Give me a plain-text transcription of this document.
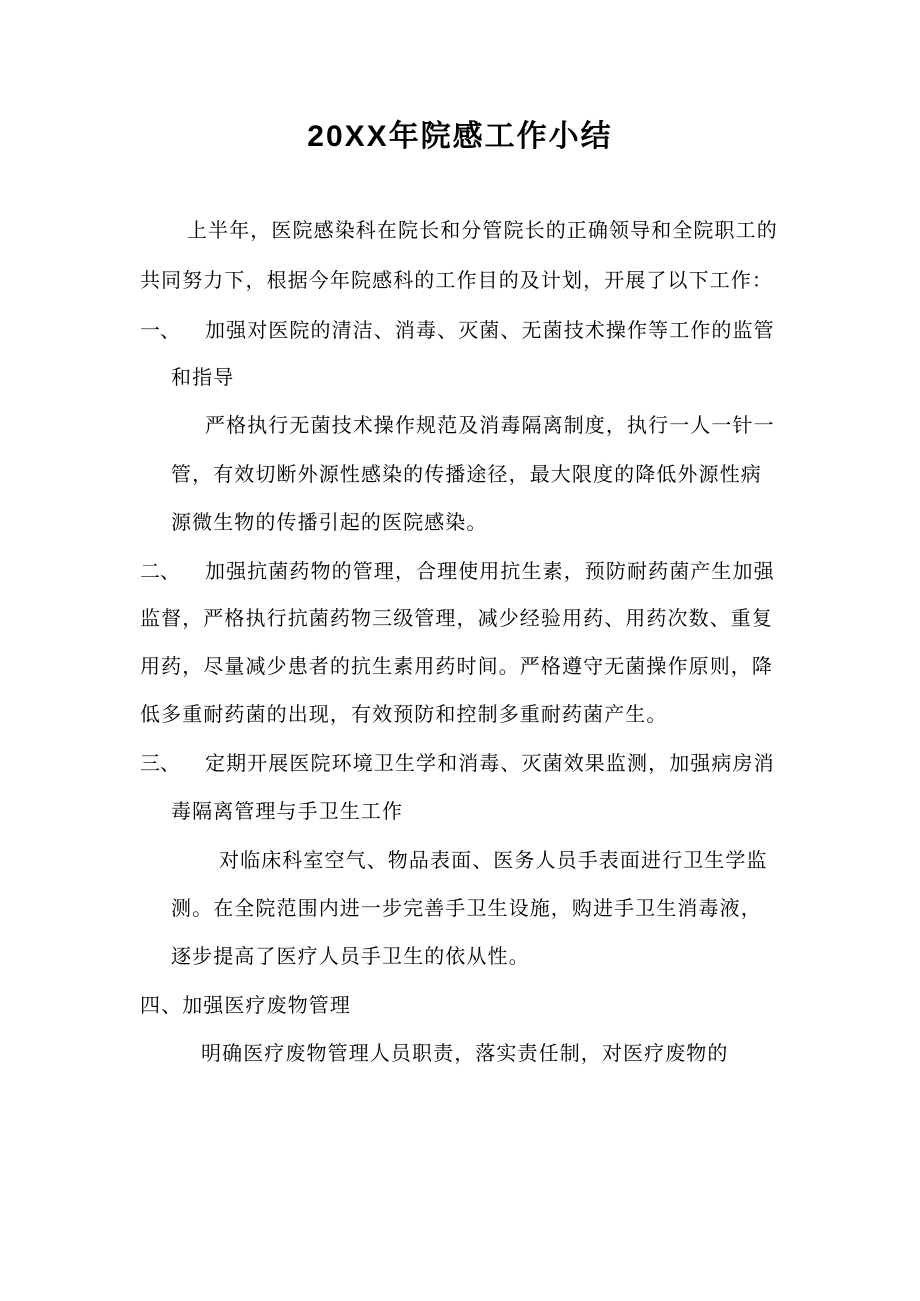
20XX年院感工作小结
上半年，医院感染科在院长和分管院长的正确领导和全院职工的
共同努力下，根据今年院感科的工作目的及计划，开展了以下工作：
一、 加强对医院的清洁、消毒、灭菌、无菌技术操作等工作的监管
和指导
严格执行无菌技术操作规范及消毒隔离制度，执行一人一针一
管，有效切断外源性感染的传播途径，最大限度的降低外源性病
源微生物的传播引起的医院感染。
二、 加强抗菌药物的管理，合理使用抗生素，预防耐药菌产生加强
监督，严格执行抗菌药物三级管理，减少经验用药、用药次数、重复
用药，尽量减少患者的抗生素用药时间。严格遵守无菌操作原则，降
低多重耐药菌的出现，有效预防和控制多重耐药菌产生。
三、 定期开展医院环境卫生学和消毒、灭菌效果监测，加强病房消
毒隔离管理与手卫生工作
对临床科室空气、物品表面、医务人员手表面进行卫生学监
测。在全院范围内进一步完善手卫生设施，购进手卫生消毒液，
逐步提高了医疗人员手卫生的依从性。
四、加强医疗废物管理
明确医疗废物管理人员职责，落实责任制，对医疗废物的
